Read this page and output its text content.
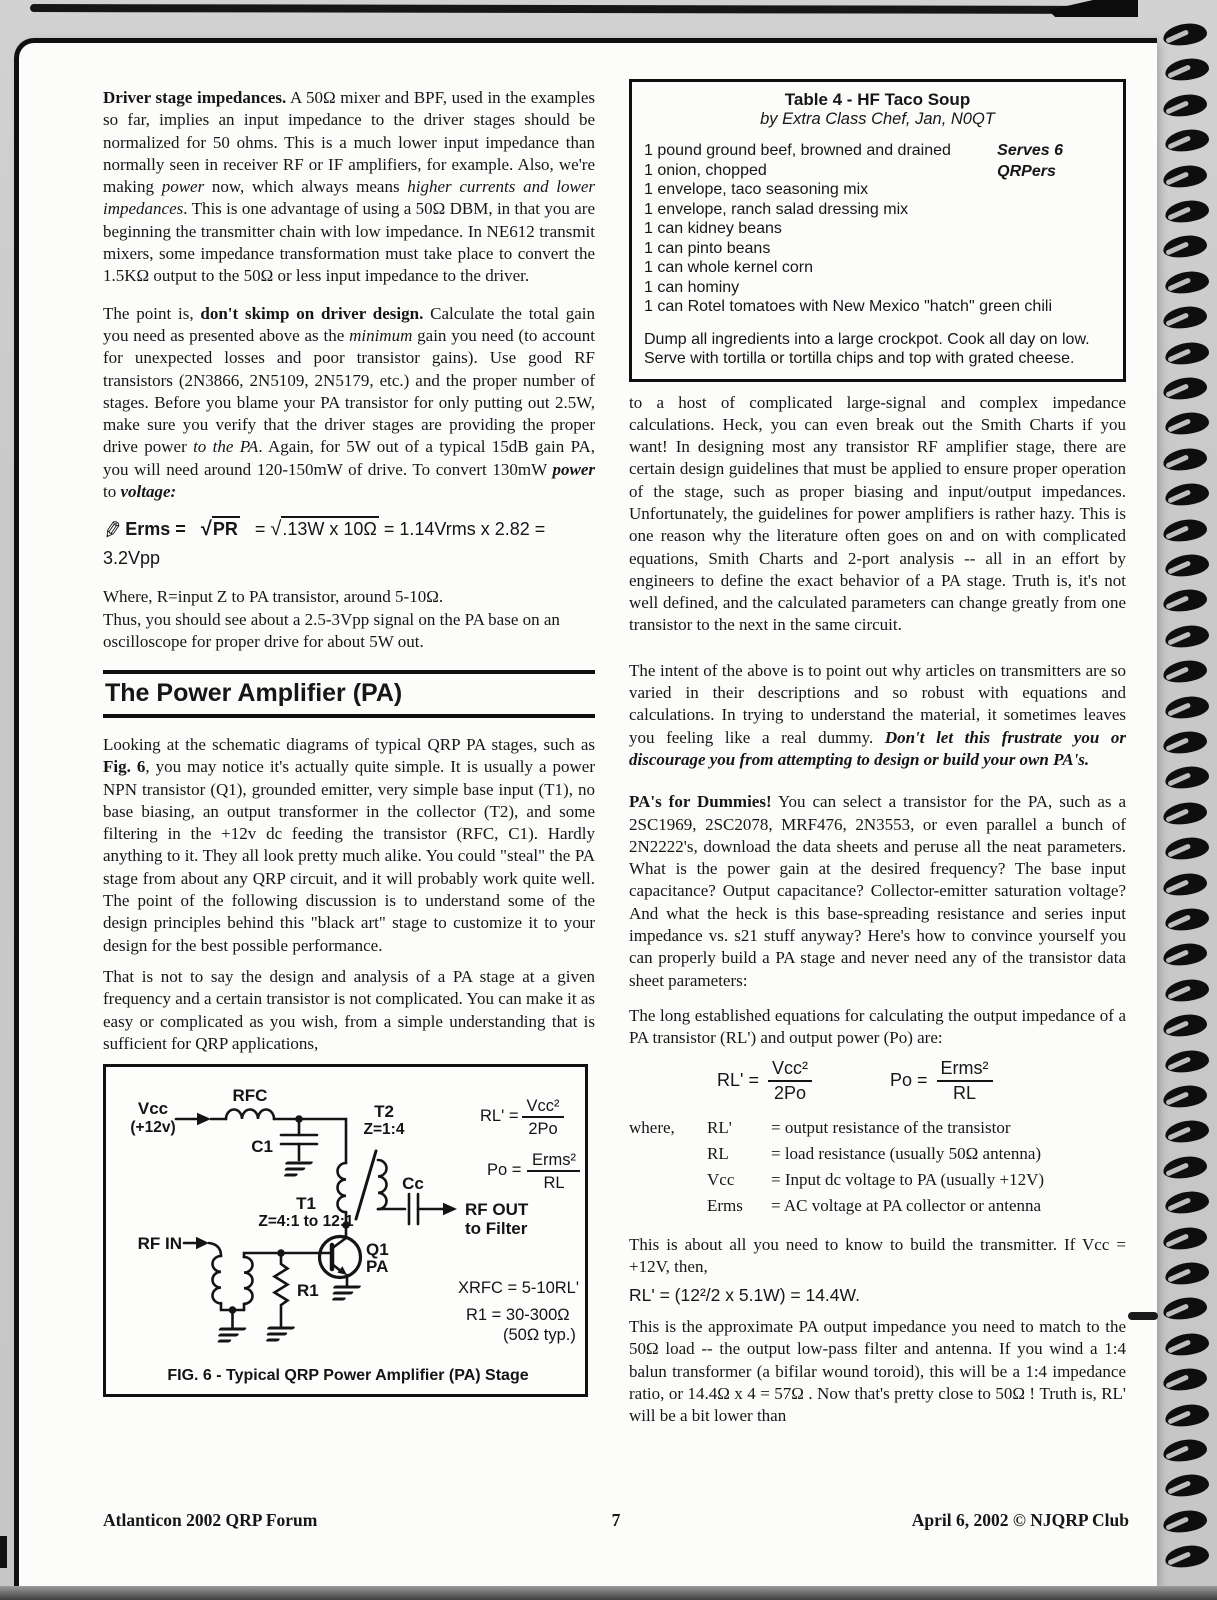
Driver stage impedances. A 50Ω mixer and BPF, used in the examples so far, implies an input impedance to the driver stages should be normalized for 50 ohms. This is a much lower input impedance than normally seen in receiver RF or IF amplifiers, for example. Also, we're making power now, which always means higher currents and lower impedances. This is one advantage of using a 50Ω DBM, in that you are beginning the transmitter chain with low impedance. In NE612 transmit mixers, some impedance transformation must take place to convert the 1.5KΩ output to the 50Ω or less input impedance to the driver.

The point is, don't skimp on driver design. Calculate the total gain you need as presented above as the minimum gain you need (to account for unexpected losses and poor transistor gains). Use good RF transistors (2N3866, 2N5109, 2N5179, etc.) and the proper number of stages. Before you blame your PA transistor for only putting out 2.5W, make sure you verify that the driver stages are providing the proper drive power to the PA. Again, for 5W out of a typical 15dB gain PA, you will need around 120-150mW of drive. To convert 130mW power to voltage:

✎Erms = √PR = √.13W x 10Ω = 1.14Vrms x 2.82 =
3.2Vpp

Where, R=input Z to PA transistor, around 5-10Ω.
Thus, you should see about a 2.5-3Vpp signal on the PA base on an oscilloscope for proper drive for about 5W out.

The Power Amplifier (PA)

Looking at the schematic diagrams of typical QRP PA stages, such as Fig. 6, you may notice it's actually quite simple. It is usually a power NPN transistor (Q1), grounded emitter, very simple base input (T1), no base biasing, an output transformer in the collector (T2), and some filtering in the +12v dc feeding the transistor (RFC, C1). Hardly anything to it. They all look pretty much alike. You could "steal" the PA stage from about any QRP circuit, and it will probably work quite well. The point of the following discussion is to understand some of the design principles behind this "black art" stage to customize it to your design for the best possible performance.

That is not to say the design and analysis of a PA stage at a given frequency and a certain transistor is not complicated. You can make it as easy or complicated as you wish, from a simple understanding that is sufficient for QRP applications,

Vcc
(+12v)
RFC
C1
T2
Z=1:4
T1
Z=4:1 to 12:1
RF IN
Cc
RF OUT
to Filter
Q1
PA
R1
RL' =
Vcc²
2Po
Po =
Erms²
RL
XRFC = 5-10RL'
R1 = 30-300Ω
(50Ω typ.)
FIG. 6 - Typical QRP Power Amplifier (PA) Stage
Table 4 - HF Taco Soup
by Extra Class Chef, Jan, N0QT
Serves 6
QRPers
1 pound ground beef, browned and drained
1 onion, chopped
1 envelope, taco seasoning mix
1 envelope, ranch salad dressing mix
1 can kidney beans
1 can pinto beans
1 can whole kernel corn
1 can hominy
1 can Rotel tomatoes with New Mexico "hatch" green chili
Dump all ingredients into a large crockpot. Cook all day on low. Serve with tortilla or tortilla chips and top with grated cheese.

to a host of complicated large-signal and complex impedance calculations. Heck, you can even break out the Smith Charts if you want! In designing most any transistor RF amplifier stage, there are certain design guidelines that must be applied to ensure proper operation of the stage, such as proper biasing and input/output impedances. Unfortunately, the guidelines for power amplifiers is rather hazy. This is one reason why the literature often goes on and on with complicated equations, Smith Charts and 2-port analysis -- all in an effort by engineers to define the exact behavior of a PA stage. Truth is, it's not well defined, and the calculated parameters can change greatly from one transistor to the next in the same circuit.

The intent of the above is to point out why articles on transmitters are so varied in their descriptions and so robust with equations and calculations. In trying to understand the material, it sometimes leaves you feeling like a real dummy. Don't let this frustrate you or discourage you from attempting to design or build your own PA's.

PA's for Dummies! You can select a transistor for the PA, such as a 2SC1969, 2SC2078, MRF476, 2N3553, or even parallel a bunch of 2N2222's, download the data sheets and peruse all the neat parameters. What is the power gain at the desired frequency? The base input capacitance? Output capacitance? Collector-emitter saturation voltage? And what the heck is this base-spreading resistance and series input impedance vs. s21 stuff anyway? Here's how to convince yourself you can properly build a PA stage and never need any of the transistor data sheet parameters:

The long established equations for calculating the output impedance of a PA transistor (RL') and output power (Po) are:

$RL' = \frac{\text{Vcc²}}{2Po}$	$Po = \frac{\text{Erms²}}{RL}$
where,	RL'	= output resistance of the transistor
RL	= load resistance (usually 50Ω antenna)
Vcc	= Input dc voltage to PA (usually +12V)
Erms	= AC voltage at PA collector or antenna

This is about all you need to know to build the transmitter. If Vcc = +12V, then,

RL' = (12²/2 x 5.1W) = 14.4W.

This is the approximate PA output impedance you need to match to the 50Ω load -- the output low-pass filter and antenna. If you wind a 1:4 balun transformer (a bifilar wound toroid), this will be a 1:4 impedance ratio, or 14.4Ω x 4 = 57Ω . Now that's pretty close to 50Ω ! Truth is, RL' will be a bit lower than

Atlanticon 2002 QRP Forum	7	April 6, 2002 © NJQRP Club
